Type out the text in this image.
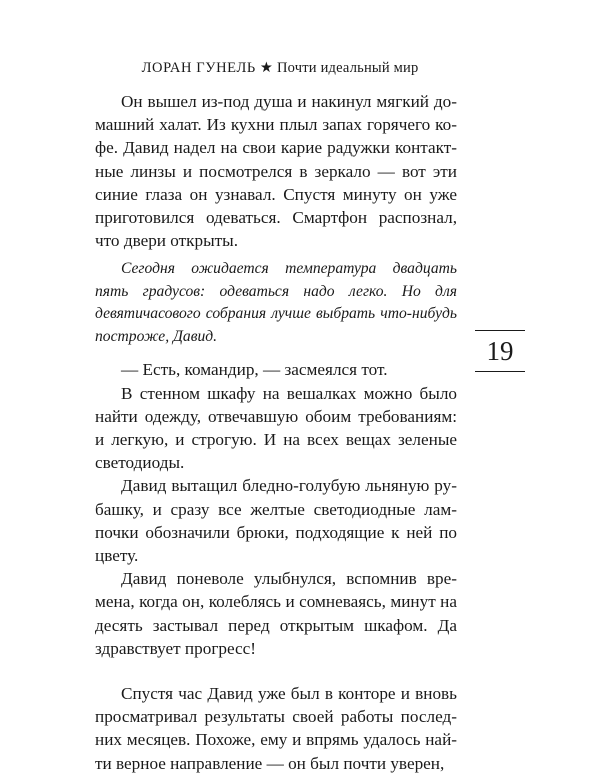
ЛОРАН ГУНЕЛЬ ★ Почти идеальный мир

Он вышел из-под душа и накинул мягкий домашний халат. Из кухни плыл запах горячего кофе. Давид надел на свои карие радужки контактные линзы и посмотрелся в зеркало — вот эти синие глаза он узнавал. Спустя минуту он уже приготовился одеваться. Смартфон распознал, что двери открыты.

Сегодня ожидается температура двадцать пять градусов: одеваться надо легко. Но для девятичасового собрания лучше выбрать что-нибудь построже, Давид.

— Есть, командир, — засмеялся тот.

В стенном шкафу на вешалках можно было найти одежду, отвечавшую обоим требованиям: и легкую, и строгую. И на всех вещах зеленые светодиоды.

Давид вытащил бледно-голубую льняную рубашку, и сразу все желтые светодиодные лампочки обозначили брюки, подходящие к ней по цвету.

Давид поневоле улыбнулся, вспомнив времена, когда он, колеблясь и сомневаясь, минут на десять застывал перед открытым шкафом. Да здравствует прогресс!

Спустя час Давид уже был в конторе и вновь просматривал результаты своей работы последних месяцев. Похоже, ему и впрямь удалось найти верное направление — он был почти уверен,

19
